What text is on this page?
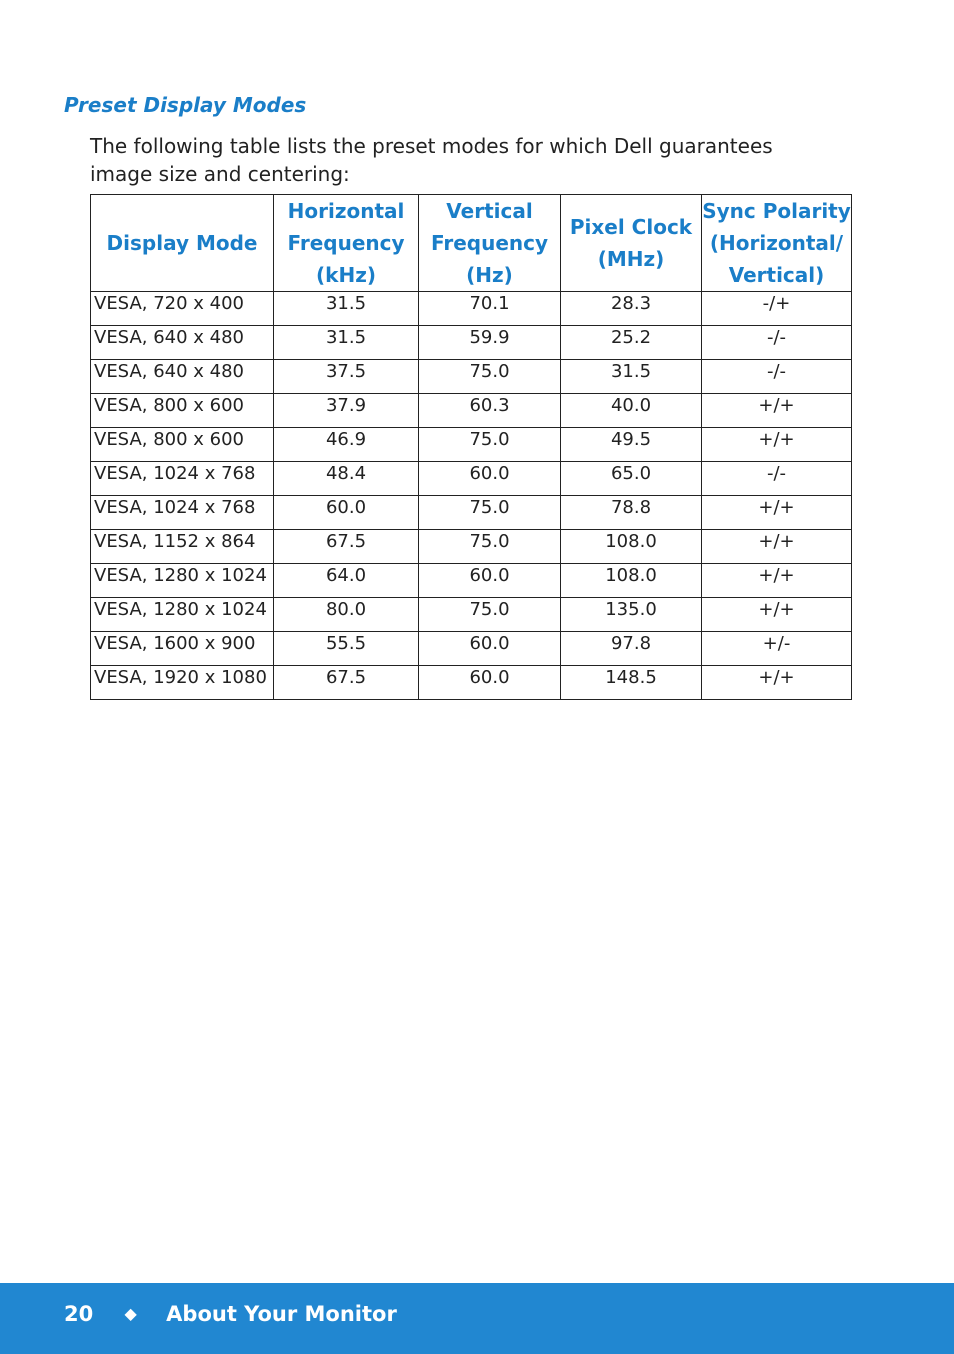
Preset Display Modes

The following table lists the preset modes for which Dell guarantees image size and centering:

Display Mode	Horizontal
Frequency
(kHz)	Vertical
Frequency
(Hz)	Pixel Clock
(MHz)	Sync Polarity
(Horizontal/
Vertical)
VESA, 720 x 400	31.5	70.1	28.3	-/+
VESA, 640 x 480	31.5	59.9	25.2	-/-
VESA, 640 x 480	37.5	75.0	31.5	-/-
VESA, 800 x 600	37.9	60.3	40.0	+/+
VESA, 800 x 600	46.9	75.0	49.5	+/+
VESA, 1024 x 768	48.4	60.0	65.0	-/-
VESA, 1024 x 768	60.0	75.0	78.8	+/+
VESA, 1152 x 864	67.5	75.0	108.0	+/+
VESA, 1280 x 1024	64.0	60.0	108.0	+/+
VESA, 1280 x 1024	80.0	75.0	135.0	+/+
VESA, 1600 x 900	55.5	60.0	97.8	+/-
VESA, 1920 x 1080	67.5	60.0	148.5	+/+
20 ◆ About Your Monitor
